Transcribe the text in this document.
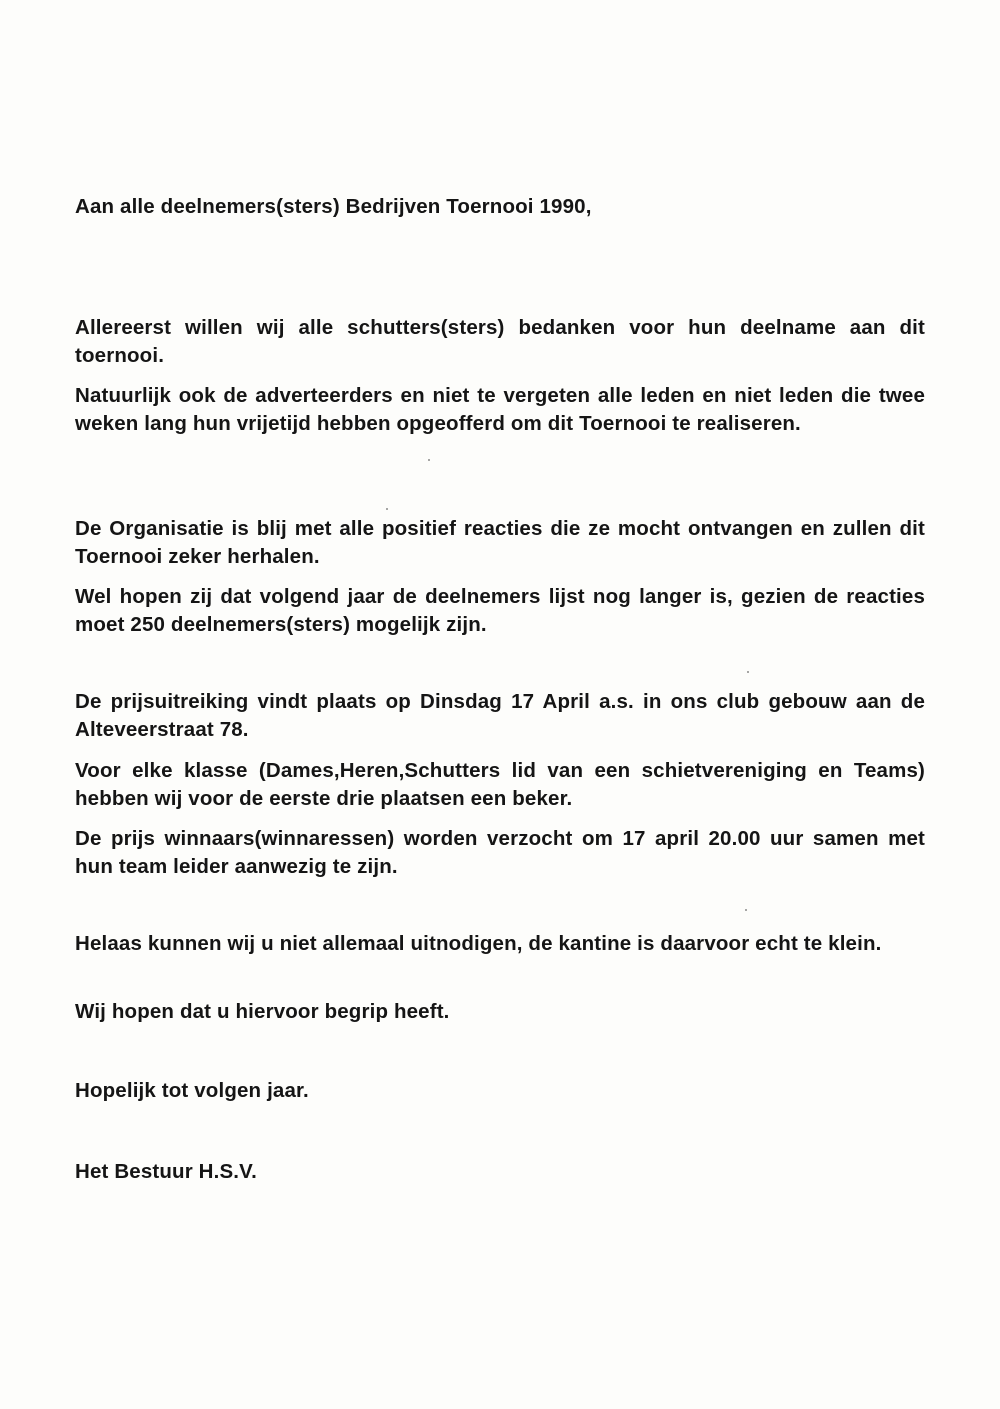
Aan alle deelnemers(sters) Bedrijven Toernooi 1990,

Allereerst willen wij alle schutters(sters) bedanken voor hun deelname aan dit toernooi.

Natuurlijk ook de adverteerders en niet te vergeten alle leden en niet leden die twee weken lang hun vrijetijd hebben opgeofferd om dit Toernooi te realiseren.

De Organisatie is blij met alle positief reacties die ze mocht ontvangen en zullen dit Toernooi zeker herhalen.

Wel hopen zij dat volgend jaar de deelnemers lijst nog langer is, gezien de reacties moet 250 deelnemers(sters) mogelijk zijn.

De prijsuitreiking vindt plaats op Dinsdag 17 April a.s. in ons club gebouw aan de Alteveerstraat 78.

Voor elke klasse (Dames,Heren,Schutters lid van een schietvereniging en Teams) hebben wij voor de eerste drie plaatsen een beker.

De prijs winnaars(winnaressen) worden verzocht om 17 april 20.00 uur samen met hun team leider aanwezig te zijn.

Helaas kunnen wij u niet allemaal uitnodigen, de kantine is daarvoor echt te klein.

Wij hopen dat u hiervoor begrip heeft.

Hopelijk tot volgen jaar.

Het Bestuur H.S.V.
